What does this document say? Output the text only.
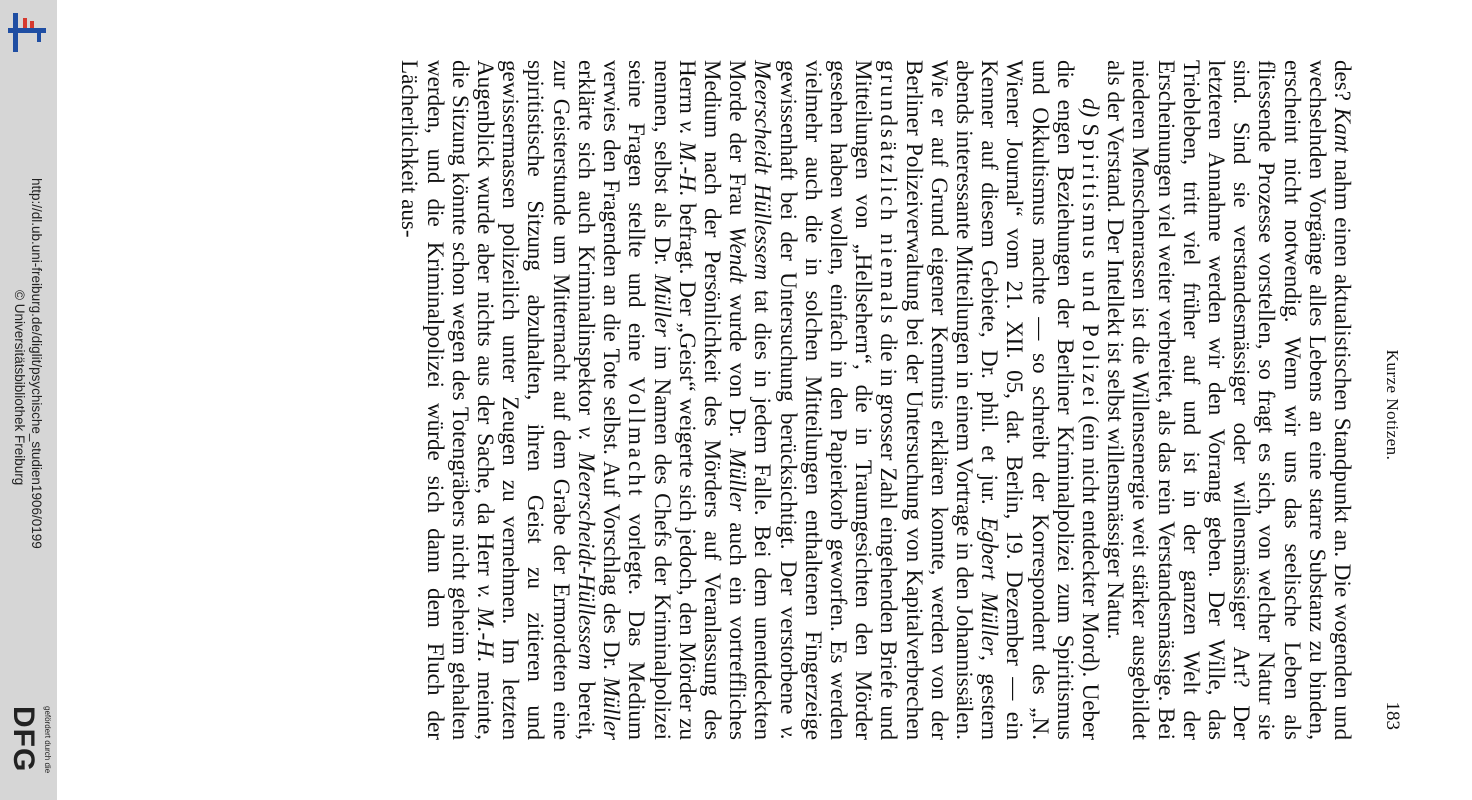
http://dl.ub.uni-freiburg.de/diglit/psychische_studien1906/0199
© Universitätsbibliothek Freiburg
gefördert durch die
DFG
Kurze Notizen.
183

des? Kant nahm einen aktualistischen Standpunkt an. Die wogenden und wechselnden Vorgänge alles Lebens an eine starre Substanz zu binden, erscheint nicht notwendig. Wenn wir uns das seelische Leben als fliessende Prozesse vorstellen, so fragt es sich, von welcher Natur sie sind. Sind sie verstandesmässiger oder willensmässiger Art? Der letzteren Annahme werden wir den Vorrang geben. Der Wille, das Triebleben, tritt viel früher auf und ist in der ganzen Welt der Erscheinungen viel weiter verbreitet, als das rein Verstandesmässige. Bei niederen Menschenrassen ist die Willensenergie weit stärker ausgebildet als der Verstand. Der Intellekt ist selbst willensmässiger Natur.

d) Spiritismus und Polizei (ein nicht entdeckter Mord). Ueber die engen Beziehungen der Berliner Kriminalpolizei zum Spiritismus und Okkultismus machte — so schreibt der Korrespondent des „N. Wiener Journal“ vom 21. XII. 05, dat. Berlin, 19. Dezember — ein Kenner auf diesem Gebiete, Dr. phil. et jur. Egbert Müller, gestern abends interessante Mitteilungen in einem Vortrage in den Johannissälen. Wie er auf Grund eigener Kenntnis erklären konnte, werden von der Berliner Polizeiverwaltung bei der Untersuchung von Kapitalverbrechen grundsätzlich niemals die in grosser Zahl eingehenden Briefe und Mitteilungen von „Hellsehern“, die in Traumgesichten den Mörder gesehen haben wollen, einfach in den Papierkorb geworfen. Es werden vielmehr auch die in solchen Mitteilungen enthaltenen Fingerzeige gewissenhaft bei der Untersuchung berücksichtigt. Der verstorbene v. Meerscheidt Hüllessem tat dies in jedem Falle. Bei dem unentdeckten Morde der Frau Wendt wurde von Dr. Müller auch ein vortreffliches Medium nach der Persönlichkeit des Mörders auf Veranlassung des Herrn v. M.-H. befragt. Der „Geist“ weigerte sich jedoch, den Mörder zu nennen, selbst als Dr. Müller im Namen des Chefs der Kriminalpolizei seine Fragen stellte und eine Vollmacht vorlegte. Das Medium verwies den Fragenden an die Tote selbst. Auf Vorschlag des Dr. Müller erklärte sich auch Kriminalinspektor v. Meerscheidt-Hüllessem bereit, zur Geisterstunde um Mitternacht auf dem Grabe der Ermordeten eine spiritistische Sitzung abzuhalten, ihren Geist zu zitieren und gewissermassen polizeilich unter Zeugen zu vernehmen. Im letzten Augenblick wurde aber nichts aus der Sache, da Herr v. M.-H. meinte, die Sitzung könnte schon wegen des Totengräbers nicht geheim gehalten werden, und die Kriminalpolizei würde sich dann dem Fluch der Lächerlichkeit aus-
